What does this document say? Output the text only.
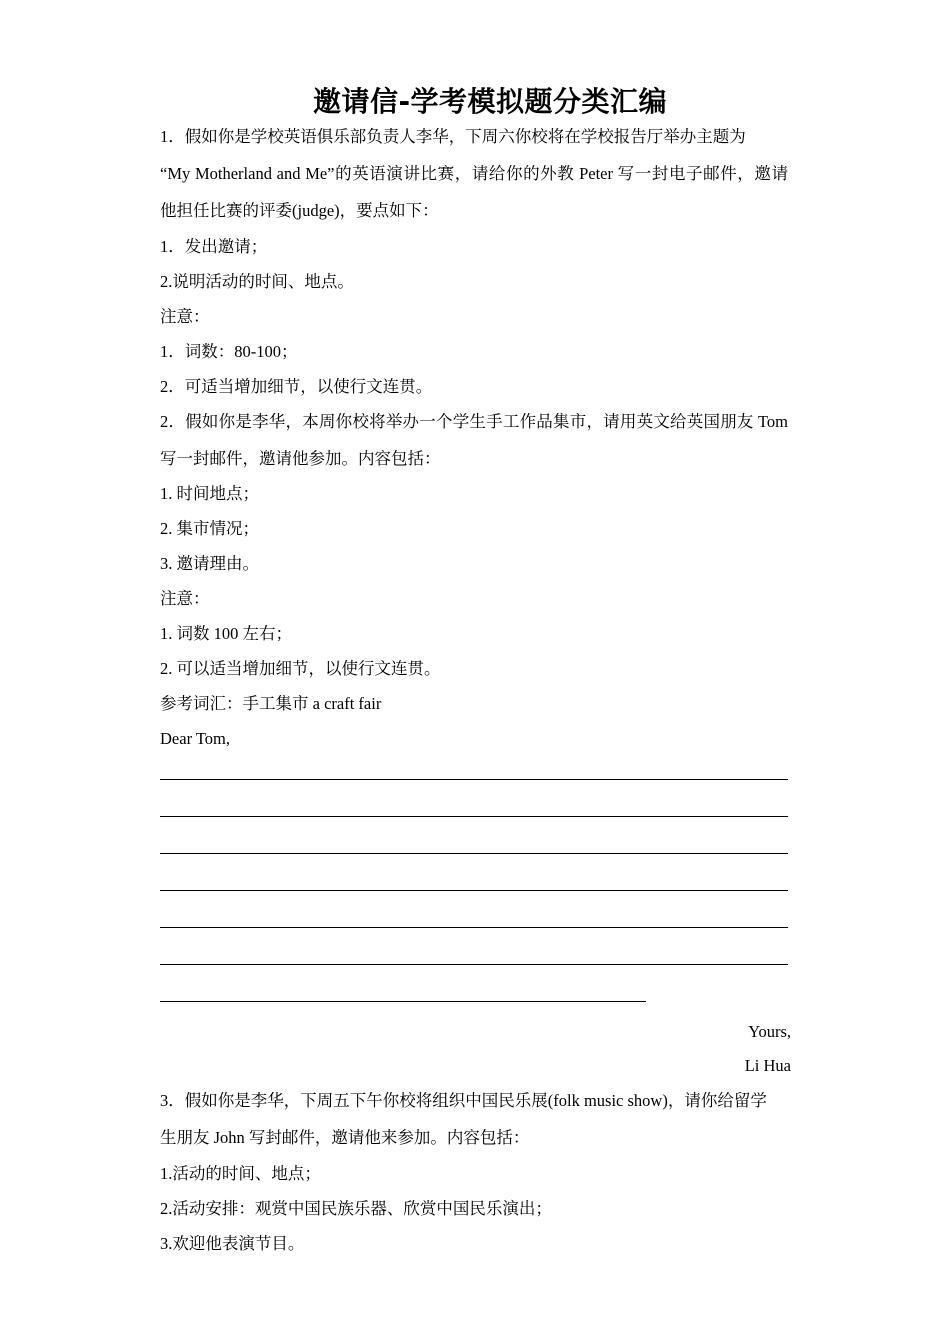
邀请信-学考模拟题分类汇编
1．假如你是学校英语俱乐部负责人李华，下周六你校将在学校报告厅举办主题为
“My Motherland and Me”的英语演讲比赛，请给你的外教 Peter 写一封电子邮件，邀请
他担任比赛的评委(judge)，要点如下：
1．发出邀请；
2.说明活动的时间、地点。
注意：
1．词数：80-100；
2．可适当增加细节，以使行文连贯。
2．假如你是李华，本周你校将举办一个学生手工作品集市，请用英文给英国朋友 Tom
写一封邮件，邀请他参加。内容包括：
1. 时间地点；
2. 集市情况；
3. 邀请理由。
注意：
1. 词数 100 左右；
2. 可以适当增加细节，以使行文连贯。
参考词汇：手工集市 a craft fair
Dear Tom,
Yours,
Li Hua
3．假如你是李华，下周五下午你校将组织中国民乐展(folk music show)，请你给留学
生朋友 John 写封邮件，邀请他来参加。内容包括：
1.活动的时间、地点；
2.活动安排：观赏中国民族乐器、欣赏中国民乐演出；
3.欢迎他表演节目。
